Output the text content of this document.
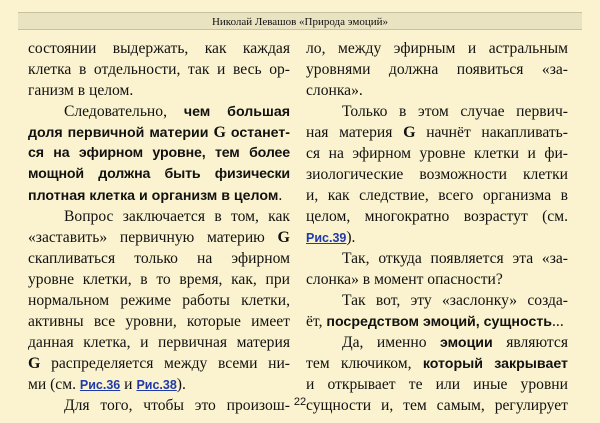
Николай Левашов «Природа эмоций»
состоянии выдержать, как каждая
клетка в отдельности, так и весь ор-
ганизм в целом.
Следовательно, чем большая
доля первичной материи G останет-
ся на эфирном уровне, тем более
мощной должна быть физически
плотная клетка и организм в целом.
Вопрос заключается в том, как
«заставить» первичную материю G
скапливаться только на эфирном
уровне клетки, в то время, как, при
нормальном режиме работы клетки,
активны все уровни, которые имеет
данная клетка, и первичная материя
G распределяется между всеми ни-
ми (см. Рис.36 и Рис.38).
Для того, чтобы это произош-
ло, между эфирным и астральным
уровнями должна появиться «за-
слонка».
Только в этом случае первич-
ная материя G начнёт накапливать-
ся на эфирном уровне клетки и фи-
зиологические возможности клетки
и, как следствие, всего организма в
целом, многократно возрастут (см.
Рис.39).
Так, откуда появляется эта «за-
слонка» в момент опасности?
Так вот, эту «заслонку» созда-
ёт, посредством эмоций, сущность...
Да, именно эмоции являются
тем ключиком, который закрывает
и открывает те или иные уровни
сущности и, тем самым, регулирует
22
